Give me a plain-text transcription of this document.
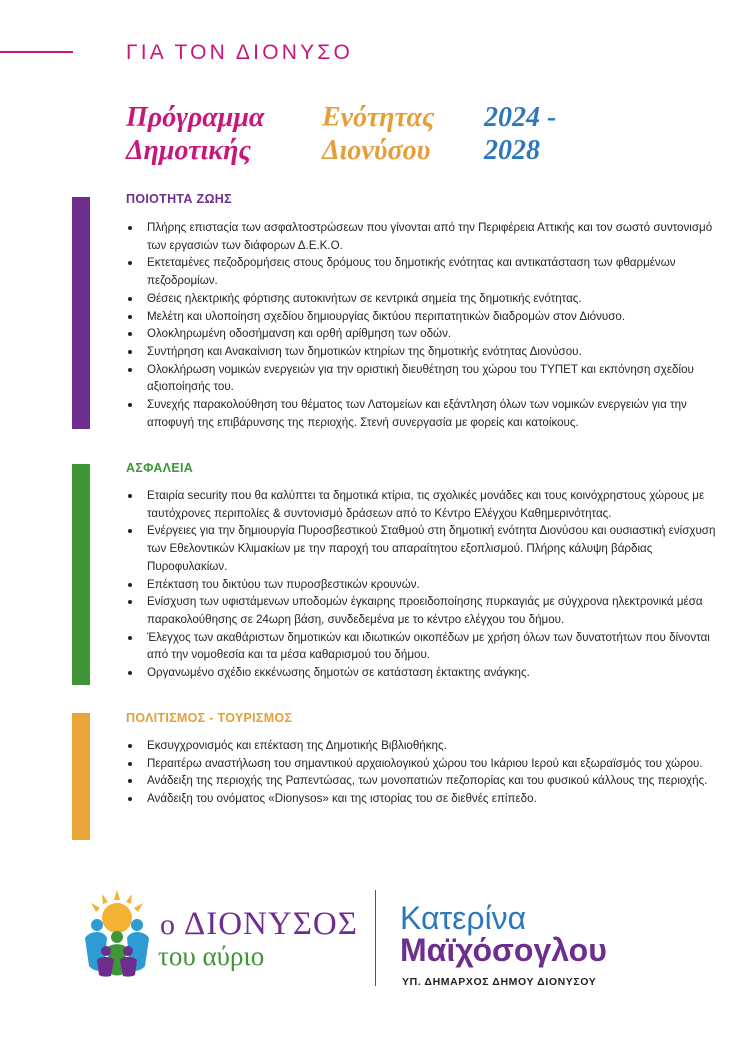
ΓΙΑ ΤΟΝ ΔΙΟΝΥΣΟ
Πρόγραμμα Ενότητας 2024 -
Δημοτικής	Διονύσου 2028
ΠΟΙΟΤΗΤΑ ΖΩΗΣ
Πλήρης επισταςία των ασφαλτοστρώσεων που γίνονται από την Περιφέρεια Αττικής και τον σωστό συντονισμό των εργασιών των διάφορων Δ.Ε.Κ.Ο.
Εκτεταμένες πεζοδρομήσεις στους δρόμους του δημοτικής ενότητας και αντικατάσταση των φθαρμένων πεζοδρομίων.
Θέσεις ηλεκτρικής φόρτισης αυτοκινήτων σε κεντρικά σημεία της δημοτικής ενότητας.
Μελέτη και υλοποίηση σχεδίου δημιουργίας δικτύου περιπατητικών διαδρομών στον Διόνυσο.
Ολοκληρωμένη οδοσήμανση και ορθή αρίθμηση των οδών.
Συντήρηση και Ανακαίνιση των δημοτικών κτηρίων της δημοτικής ενότητας Διονύσου.
Ολοκλήρωση νομικών ενεργειών για την οριστική διευθέτηση του χώρου του ΤΥΠΕΤ και εκπόνηση σχεδίου αξιοποίησής του.
Συνεχής παρακολούθηση του θέματος των Λατομείων και εξάντληση όλων των νομικών ενεργειών για την αποφυγή της επιβάρυνσης της περιοχής. Στενή συνεργασία με φορείς και κατοίκους.
ΑΣΦΑΛΕΙΑ
Εταιρία security που θα καλύπτει τα δημοτικά κτίρια, τις σχολικές μονάδες και τους κοινόχρηστους χώρους με ταυτόχρονες περιπολίες & συντονισμό δράσεων από το Κέντρο Ελέγχου Καθημερινότητας.
Ενέργειες για την δημιουργία Πυροσβεστικού Σταθμού στη δημοτική ενότητα Διονύσου και ουσιαστική ενίσχυση των Εθελοντικών Κλιμακίων με την παροχή του απαραίτητου εξοπλισμού. Πλήρης κάλυψη βάρδιας Πυροφυλακίων.
Επέκταση του δικτύου των πυροσβεστικών κρουνών.
Ενίσχυση των υφιστάμενων υποδομών έγκαιρης προειδοποίησης πυρκαγιάς με σύγχρονα ηλεκτρονικά μέσα παρακολούθησης σε 24ωρη βάση, συνδεδεμένα με το κέντρο ελέγχου του δήμου.
Έλεγχος των ακαθάριστων δημοτικών και ιδιωτικών οικοπέδων με χρήση όλων των δυνατοτήτων που δίνονται από την νομοθεσία και τα μέσα καθαρισμού του δήμου.
Οργανωμένο σχέδιο εκκένωσης δημοτών σε κατάσταση έκτακτης ανάγκης.
ΠΟΛΙΤΙΣΜΟΣ - ΤΟΥΡΙΣΜΟΣ
Εκσυγχρονισμός και επέκταση της Δημοτικής Βιβλιοθήκης.
Περαιτέρω αναστήλωση του σημαντικού αρχαιολογικού χώρου του Ικάριου Ιερού και εξωραϊσμός του χώρου.
Ανάδειξη της περιοχής της Ραπεντώσας, των μονοπατιών πεζοπορίας και του φυσικού κάλλους της περιοχής.
Ανάδειξη του ονόματος «Dionysos» και της ιστορίας του σε διεθνές επίπεδο.
ο ΔΙΟΝΥΣΟΣ
του αύριο
Κατερίνα
Μαϊχόσογλου
ΥΠ. ΔΗΜΑΡΧΟΣ ΔΗΜΟΥ ΔΙΟΝΥΣΟΥ
